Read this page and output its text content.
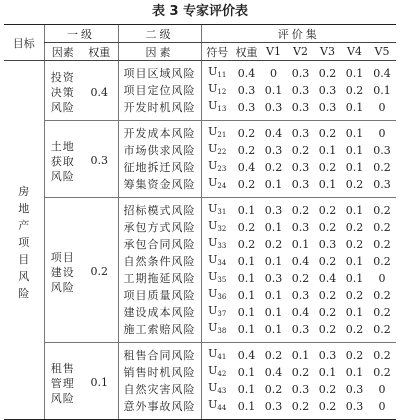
表 3 专家评价表
目标	一级		二级	评价集						
	因素	权重	因素	符号	权重	V1	V2	V3	V4	V5
房地产项目风险	投资决策风险	0.4	项目区域风险	$U_{11}$	0.4	0	0.3	0.2	0.1	0.4
			项目定位风险	$U_{12}$	0.3	0.1	0.3	0.3	0.2	0.1
			开发时机风险	$U_{13}$	0.3	0.3	0.3	0.3	0.1	0
	土地获取风险	0.3	开发成本风险	$U_{21}$	0.2	0.4	0.3	0.2	0.1	0
			市场供求风险	$U_{22}$	0.2	0.3	0.2	0.1	0.1	0.3
			征地拆迁风险	$U_{23}$	0.4	0.2	0.3	0.2	0.1	0.2
			筹集资金风险	$U_{24}$	0.2	0.1	0.3	0.1	0.2	0.3
	项目建设风险	0.2	招标模式风险	$U_{31}$	0.1	0.3	0.2	0.2	0.1	0.2
			承包方式风险	$U_{32}$	0.2	0.1	0.3	0.2	0.2	0.2
			承包合同风险	$U_{33}$	0.2	0.2	0.1	0.3	0.2	0.2
			自然条件风险	$U_{34}$	0.1	0.1	0.4	0.2	0.1	0.2
			工期拖延风险	$U_{35}$	0.1	0.3	0.2	0.4	0.1	0
			项目质量风险	$U_{36}$	0.1	0.1	0.3	0.2	0.2	0.2
			建设成本风险	$U_{37}$	0.1	0.1	0.4	0.2	0.1	0.2
			施工索赔风险	$U_{38}$	0.1	0.1	0.3	0.2	0.2	0.2
	租售管理风险	0.1	租售合同风险	$U_{41}$	0.4	0.2	0.1	0.3	0.2	0.2
			销售时机风险	$U_{42}$	0.1	0.4	0.2	0.1	0.1	0.2
			自然灾害风险	$U_{43}$	0.1	0.2	0.3	0.2	0.3	0
			意外事故风险	$U_{44}$	0.1	0.3	0.2	0.2	0.3	0
